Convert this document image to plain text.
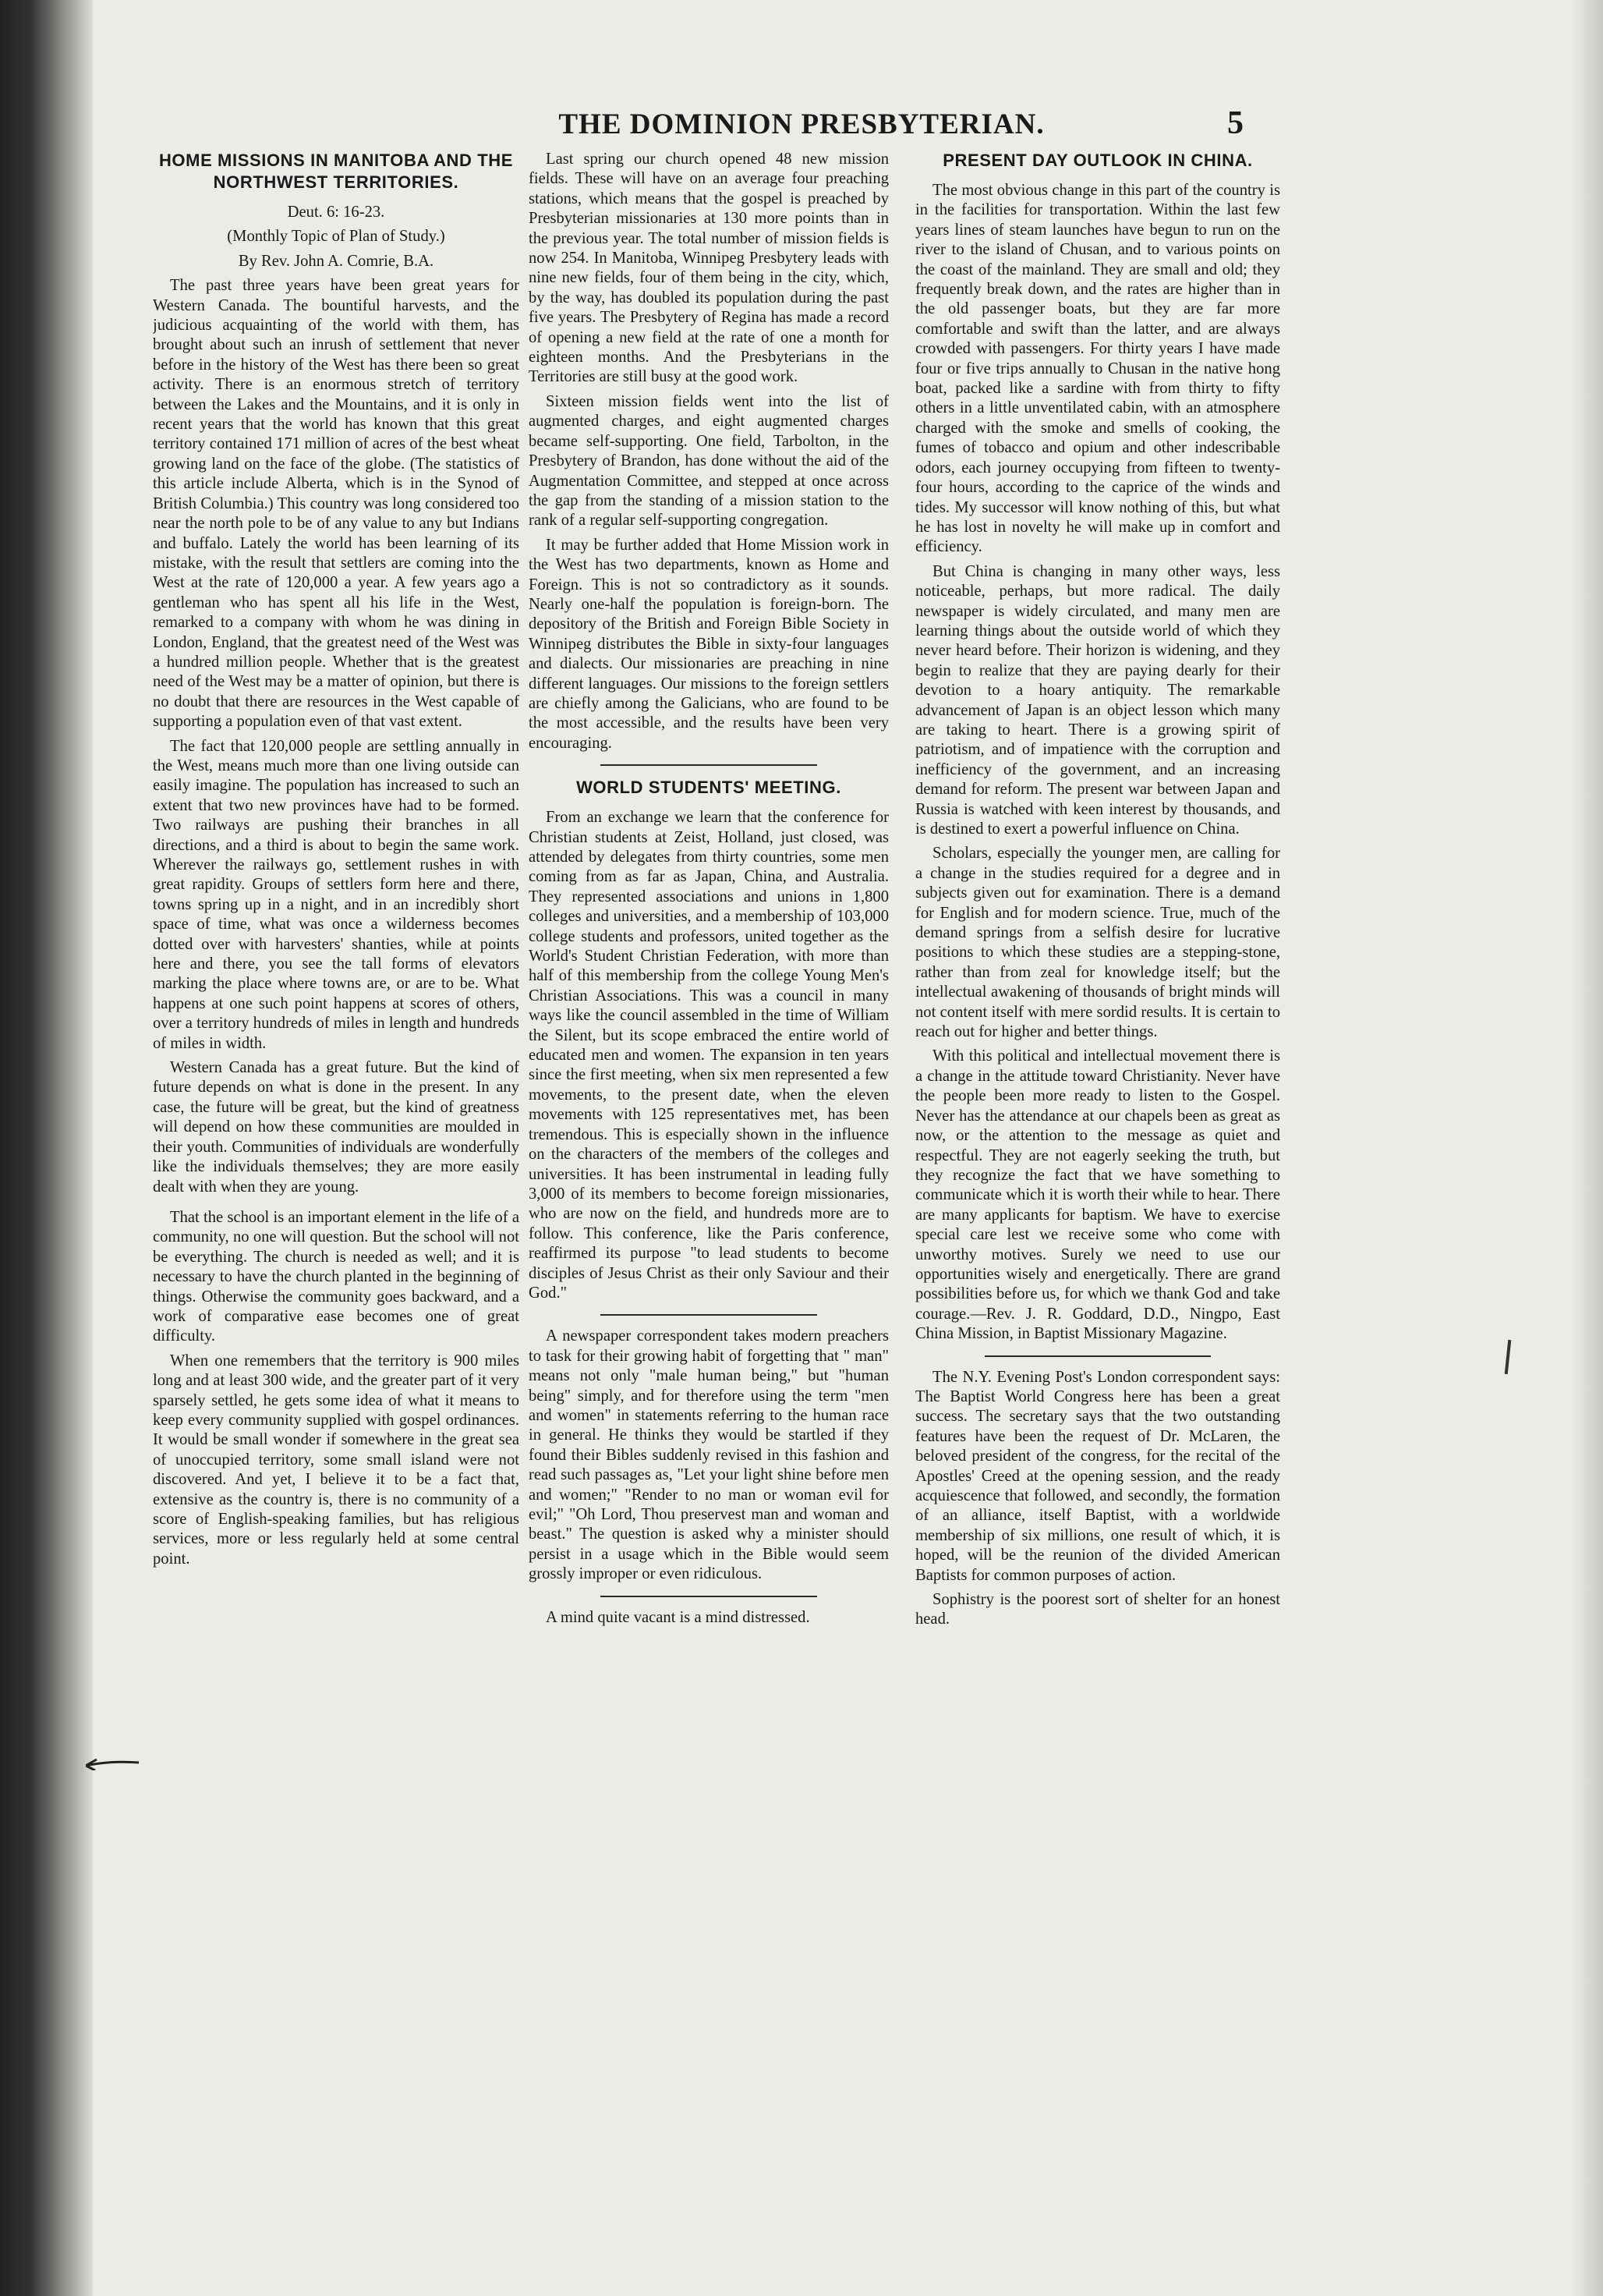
THE DOMINION PRESBYTERIAN.	5
HOME MISSIONS IN MANITOBA AND THE NORTHWEST TERRITORIES.

Deut. 6: 16-23.

(Monthly Topic of Plan of Study.)

By Rev. John A. Comrie, B.A.

The past three years have been great years for Western Canada. The bountiful harvests, and the judicious acquainting of the world with them, has brought about such an inrush of settlement that never before in the history of the West has there been so great activity. There is an enormous stretch of territory between the Lakes and the Mountains, and it is only in recent years that the world has known that this great territory contained 171 million of acres of the best wheat growing land on the face of the globe. (The statistics of this article include Alberta, which is in the Synod of British Columbia.) This country was long considered too near the north pole to be of any value to any but Indians and buffalo. Lately the world has been learning of its mistake, with the result that settlers are coming into the West at the rate of 120,000 a year. A few years ago a gentleman who has spent all his life in the West, remarked to a company with whom he was dining in London, England, that the greatest need of the West was a hundred million people. Whether that is the greatest need of the West may be a matter of opinion, but there is no doubt that there are resources in the West capable of supporting a population even of that vast extent.

The fact that 120,000 people are settling annually in the West, means much more than one living outside can easily imagine. The population has increased to such an extent that two new provinces have had to be formed. Two railways are pushing their branches in all directions, and a third is about to begin the same work. Wherever the railways go, settlement rushes in with great rapidity. Groups of settlers form here and there, towns spring up in a night, and in an incredibly short space of time, what was once a wilderness becomes dotted over with harvesters' shanties, while at points here and there, you see the tall forms of elevators marking the place where towns are, or are to be. What happens at one such point happens at scores of others, over a territory hundreds of miles in length and hundreds of miles in width.

Western Canada has a great future. But the kind of future depends on what is done in the present. In any case, the future will be great, but the kind of greatness will depend on how these communities are moulded in their youth. Communities of individuals are wonderfully like the individuals themselves; they are more easily dealt with when they are young.

That the school is an important element in the life of a community, no one will question. But the school will not be everything. The church is needed as well; and it is necessary to have the church planted in the beginning of things. Otherwise the community goes backward, and a work of comparative ease becomes one of great difficulty.

When one remembers that the territory is 900 miles long and at least 300 wide, and the greater part of it very sparsely settled, he gets some idea of what it means to keep every community supplied with gospel ordinances. It would be small wonder if somewhere in the great sea of unoccupied territory, some small island were not discovered. And yet, I believe it to be a fact that, extensive as the country is, there is no community of a score of English-speaking families, but has religious services, more or less regularly held at some central point.

Last spring our church opened 48 new mission fields. These will have on an average four preaching stations, which means that the gospel is preached by Presbyterian missionaries at 130 more points than in the previous year. The total number of mission fields is now 254. In Manitoba, Winnipeg Presbytery leads with nine new fields, four of them being in the city, which, by the way, has doubled its population during the past five years. The Presbytery of Regina has made a record of opening a new field at the rate of one a month for eighteen months. And the Presbyterians in the Territories are still busy at the good work.

Sixteen mission fields went into the list of augmented charges, and eight augmented charges became self-supporting. One field, Tarbolton, in the Presbytery of Brandon, has done without the aid of the Augmentation Committee, and stepped at once across the gap from the standing of a mission station to the rank of a regular self-supporting congregation.

It may be further added that Home Mission work in the West has two departments, known as Home and Foreign. This is not so contradictory as it sounds. Nearly one-half the population is foreign-born. The depository of the British and Foreign Bible Society in Winnipeg distributes the Bible in sixty-four languages and dialects. Our missionaries are preaching in nine different languages. Our missions to the foreign settlers are chiefly among the Galicians, who are found to be the most accessible, and the results have been very encouraging.

WORLD STUDENTS' MEETING.

From an exchange we learn that the conference for Christian students at Zeist, Holland, just closed, was attended by delegates from thirty countries, some men coming from as far as Japan, China, and Australia. They represented associations and unions in 1,800 colleges and universities, and a membership of 103,000 college students and professors, united together as the World's Student Christian Federation, with more than half of this membership from the college Young Men's Christian Associations. This was a council in many ways like the council assembled in the time of William the Silent, but its scope embraced the entire world of educated men and women. The expansion in ten years since the first meeting, when six men represented a few movements, to the present date, when the eleven movements with 125 representatives met, has been tremendous. This is especially shown in the influence on the characters of the members of the colleges and universities. It has been instrumental in leading fully 3,000 of its members to become foreign missionaries, who are now on the field, and hundreds more are to follow. This conference, like the Paris conference, reaffirmed its purpose "to lead students to become disciples of Jesus Christ as their only Saviour and their God."

A newspaper correspondent takes modern preachers to task for their growing habit of forgetting that " man" means not only "male human being," but "human being" simply, and for therefore using the term "men and women" in statements referring to the human race in general. He thinks they would be startled if they found their Bibles suddenly revised in this fashion and read such passages as, "Let your light shine before men and women;" "Render to no man or woman evil for evil;" "Oh Lord, Thou preservest man and woman and beast." The question is asked why a minister should persist in a usage which in the Bible would seem grossly improper or even ridiculous.

A mind quite vacant is a mind distressed.

PRESENT DAY OUTLOOK IN CHINA.

The most obvious change in this part of the country is in the facilities for transportation. Within the last few years lines of steam launches have begun to run on the river to the island of Chusan, and to various points on the coast of the mainland. They are small and old; they frequently break down, and the rates are higher than in the old passenger boats, but they are far more comfortable and swift than the latter, and are always crowded with passengers. For thirty years I have made four or five trips annually to Chusan in the native hong boat, packed like a sardine with from thirty to fifty others in a little unventilated cabin, with an atmosphere charged with the smoke and smells of cooking, the fumes of tobacco and opium and other indescribable odors, each journey occupying from fifteen to twenty-four hours, according to the caprice of the winds and tides. My successor will know nothing of this, but what he has lost in novelty he will make up in comfort and efficiency.

But China is changing in many other ways, less noticeable, perhaps, but more radical. The daily newspaper is widely circulated, and many men are learning things about the outside world of which they never heard before. Their horizon is widening, and they begin to realize that they are paying dearly for their devotion to a hoary antiquity. The remarkable advancement of Japan is an object lesson which many are taking to heart. There is a growing spirit of patriotism, and of impatience with the corruption and inefficiency of the government, and an increasing demand for reform. The present war between Japan and Russia is watched with keen interest by thousands, and is destined to exert a powerful influence on China.

Scholars, especially the younger men, are calling for a change in the studies required for a degree and in subjects given out for examination. There is a demand for English and for modern science. True, much of the demand springs from a selfish desire for lucrative positions to which these studies are a stepping-stone, rather than from zeal for knowledge itself; but the intellectual awakening of thousands of bright minds will not content itself with mere sordid results. It is certain to reach out for higher and better things.

With this political and intellectual movement there is a change in the attitude toward Christianity. Never have the people been more ready to listen to the Gospel. Never has the attendance at our chapels been as great as now, or the attention to the message as quiet and respectful. They are not eagerly seeking the truth, but they recognize the fact that we have something to communicate which it is worth their while to hear. There are many applicants for baptism. We have to exercise special care lest we receive some who come with unworthy motives. Surely we need to use our opportunities wisely and energetically. There are grand possibilities before us, for which we thank God and take courage.—Rev. J. R. Goddard, D.D., Ningpo, East China Mission, in Baptist Missionary Magazine.

The N.Y. Evening Post's London correspondent says: The Baptist World Congress here has been a great success. The secretary says that the two outstanding features have been the request of Dr. McLaren, the beloved president of the congress, for the recital of the Apostles' Creed at the opening session, and the ready acquiescence that followed, and secondly, the formation of an alliance, itself Baptist, with a worldwide membership of six millions, one result of which, it is hoped, will be the reunion of the divided American Baptists for common purposes of action.

Sophistry is the poorest sort of shelter for an honest head.
